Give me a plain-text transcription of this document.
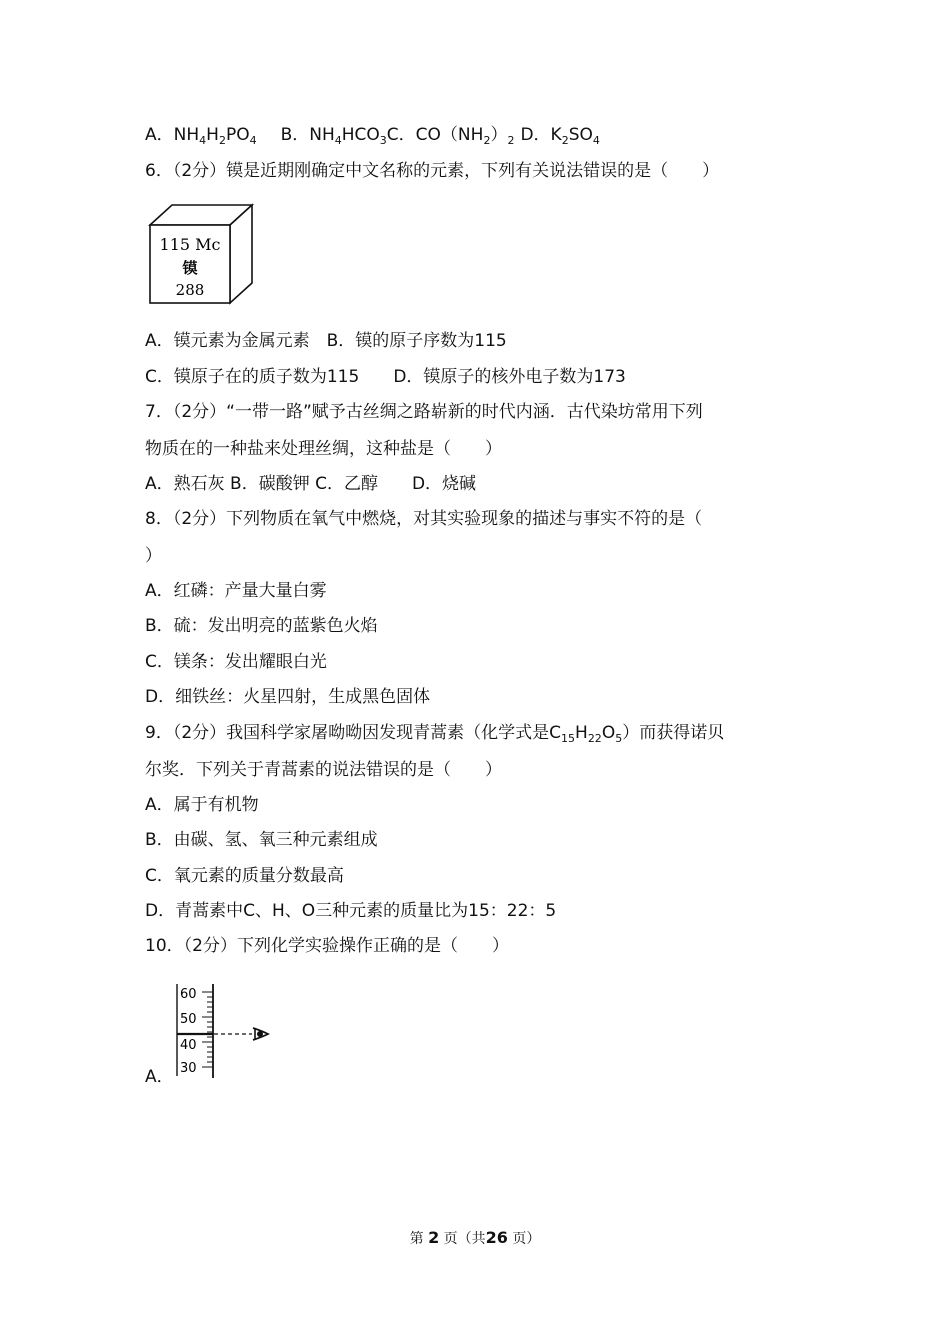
A．$NH_4H_2PO_4$ B．$NH_4HCO_3C$．$CO(NH_2)_2$ D．$K_2SO_4$
6．（2分）镆是近期刚确定中文名称的元素，下列有关说法错误的是（　　）
115 Mc
镆
288
A．镆元素为金属元素　B．镆的原子序数为115
C．镆原子在的质子数为115　　D．镆原子的核外电子数为173
7．（2分）“一带一路”赋予古丝绸之路崭新的时代内涵．古代染坊常用下列
物质在的一种盐来处理丝绸，这种盐是（　　）
A．熟石灰 B．碳酸钾 C．乙醇　　D．烧碱
8．（2分）下列物质在氧气中燃烧，对其实验现象的描述与事实不符的是（
）
A．红磷：产量大量白雾
B．硫：发出明亮的蓝紫色火焰
C．镁条：发出耀眼白光
D．细铁丝：火星四射，生成黑色固体
9．（2分）我国科学家屠呦呦因发现青蒿素（化学式是$C_{15}H_{22}O_5$）而获得诺贝
尔奖．下列关于青蒿素的说法错误的是（　　）
A．属于有机物
B．由碳、氢、氧三种元素组成
C．氧元素的质量分数最高
D．青蒿素中C、H、O三种元素的质量比为15：22：5
10．（2分）下列化学实验操作正确的是（　　）
60
50
40
30
A．
第 2 页（共26 页）
